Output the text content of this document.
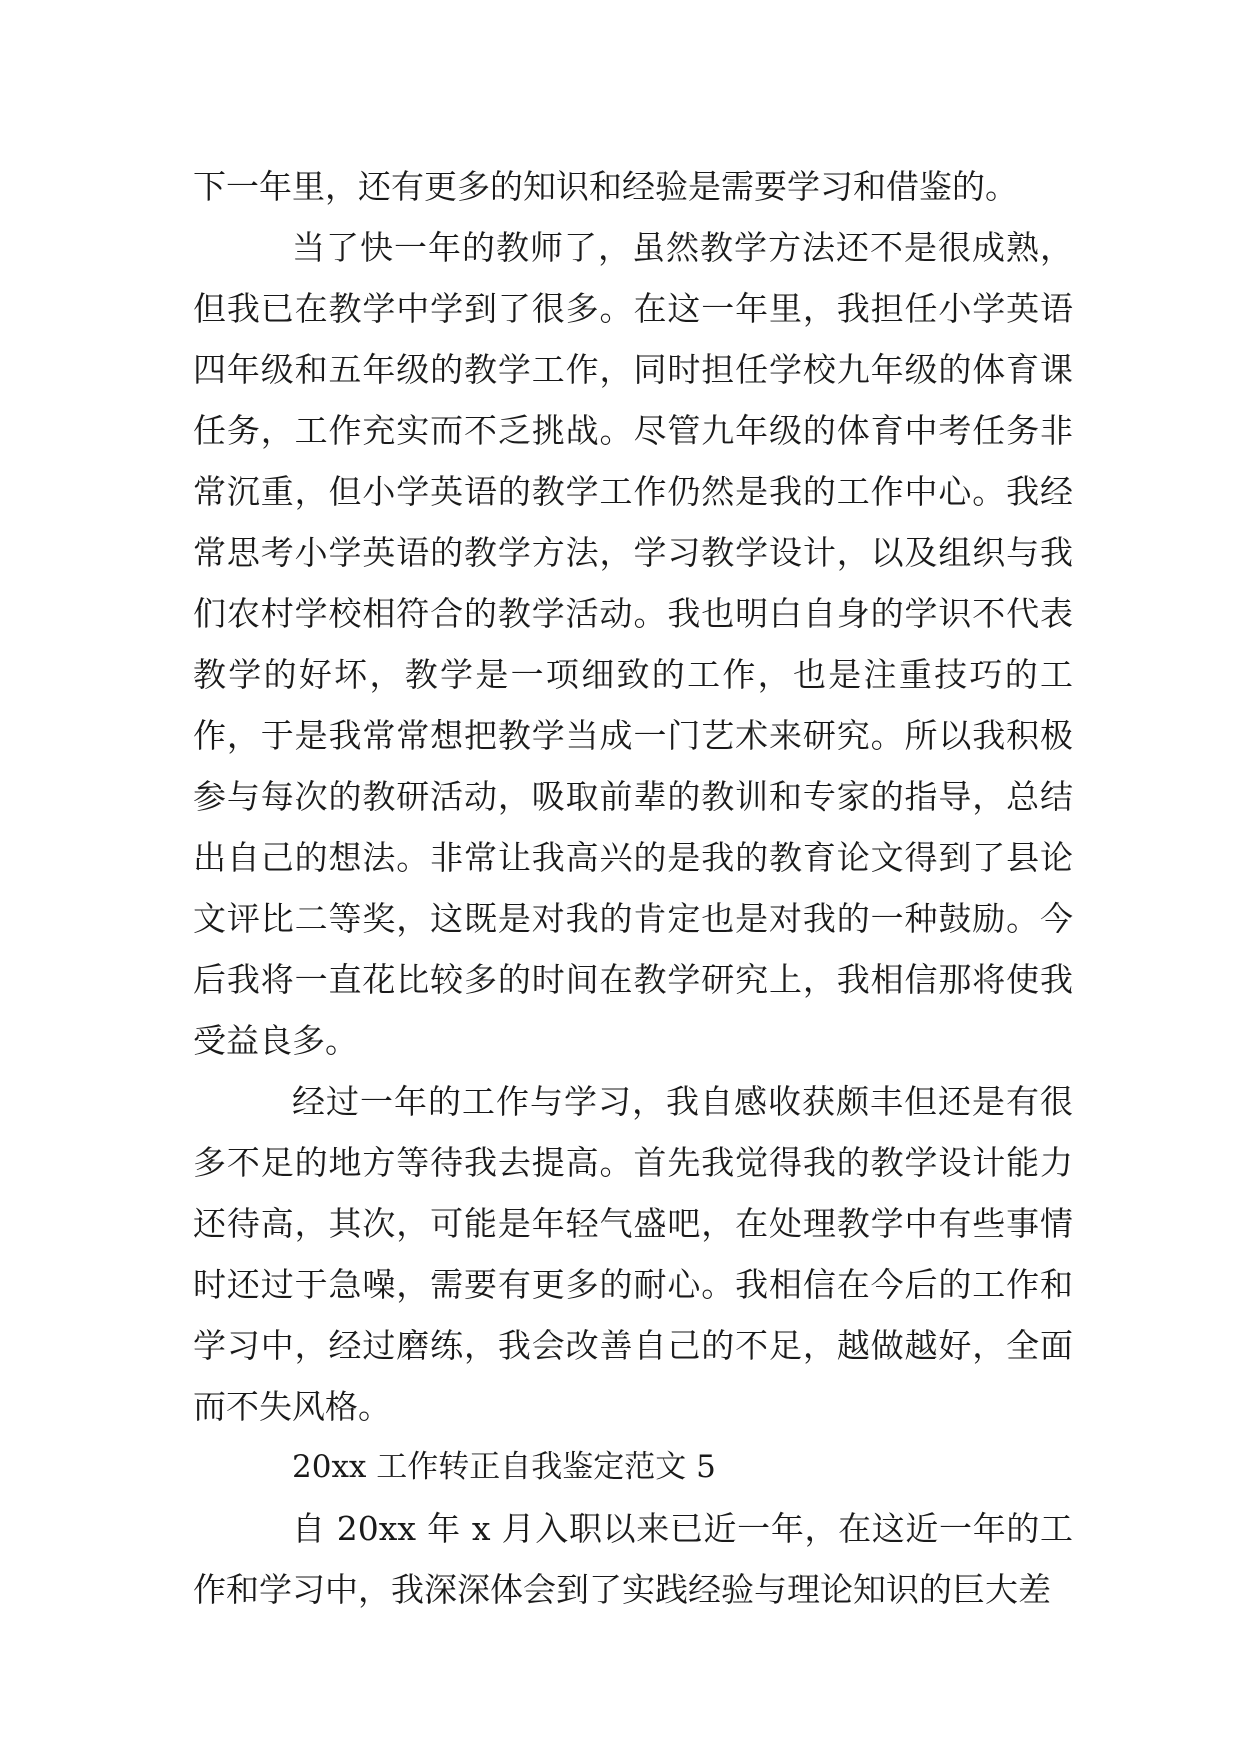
下一年里，还有更多的知识和经验是需要学习和借鉴的。

当了快一年的教师了，虽然教学方法还不是很成熟，但我已在教学中学到了很多。在这一年里，我担任小学英语四年级和五年级的教学工作，同时担任学校九年级的体育课任务，工作充实而不乏挑战。尽管九年级的体育中考任务非常沉重，但小学英语的教学工作仍然是我的工作中心。我经常思考小学英语的教学方法，学习教学设计，以及组织与我们农村学校相符合的教学活动。我也明白自身的学识不代表教学的好坏，教学是一项细致的工作，也是注重技巧的工作，于是我常常想把教学当成一门艺术来研究。所以我积极参与每次的教研活动，吸取前辈的教训和专家的指导，总结出自己的想法。非常让我高兴的是我的教育论文得到了县论文评比二等奖，这既是对我的肯定也是对我的一种鼓励。今后我将一直花比较多的时间在教学研究上，我相信那将使我受益良多。

经过一年的工作与学习，我自感收获颇丰但还是有很多不足的地方等待我去提高。首先我觉得我的教学设计能力还待高，其次，可能是年轻气盛吧，在处理教学中有些事情时还过于急噪，需要有更多的耐心。我相信在今后的工作和学习中，经过磨练，我会改善自己的不足，越做越好，全面而不失风格。

20xx 工作转正自我鉴定范文 5

自 20xx 年 x 月入职以来已近一年，在这近一年的工作和学习中，我深深体会到了实践经验与理论知识的巨大差
